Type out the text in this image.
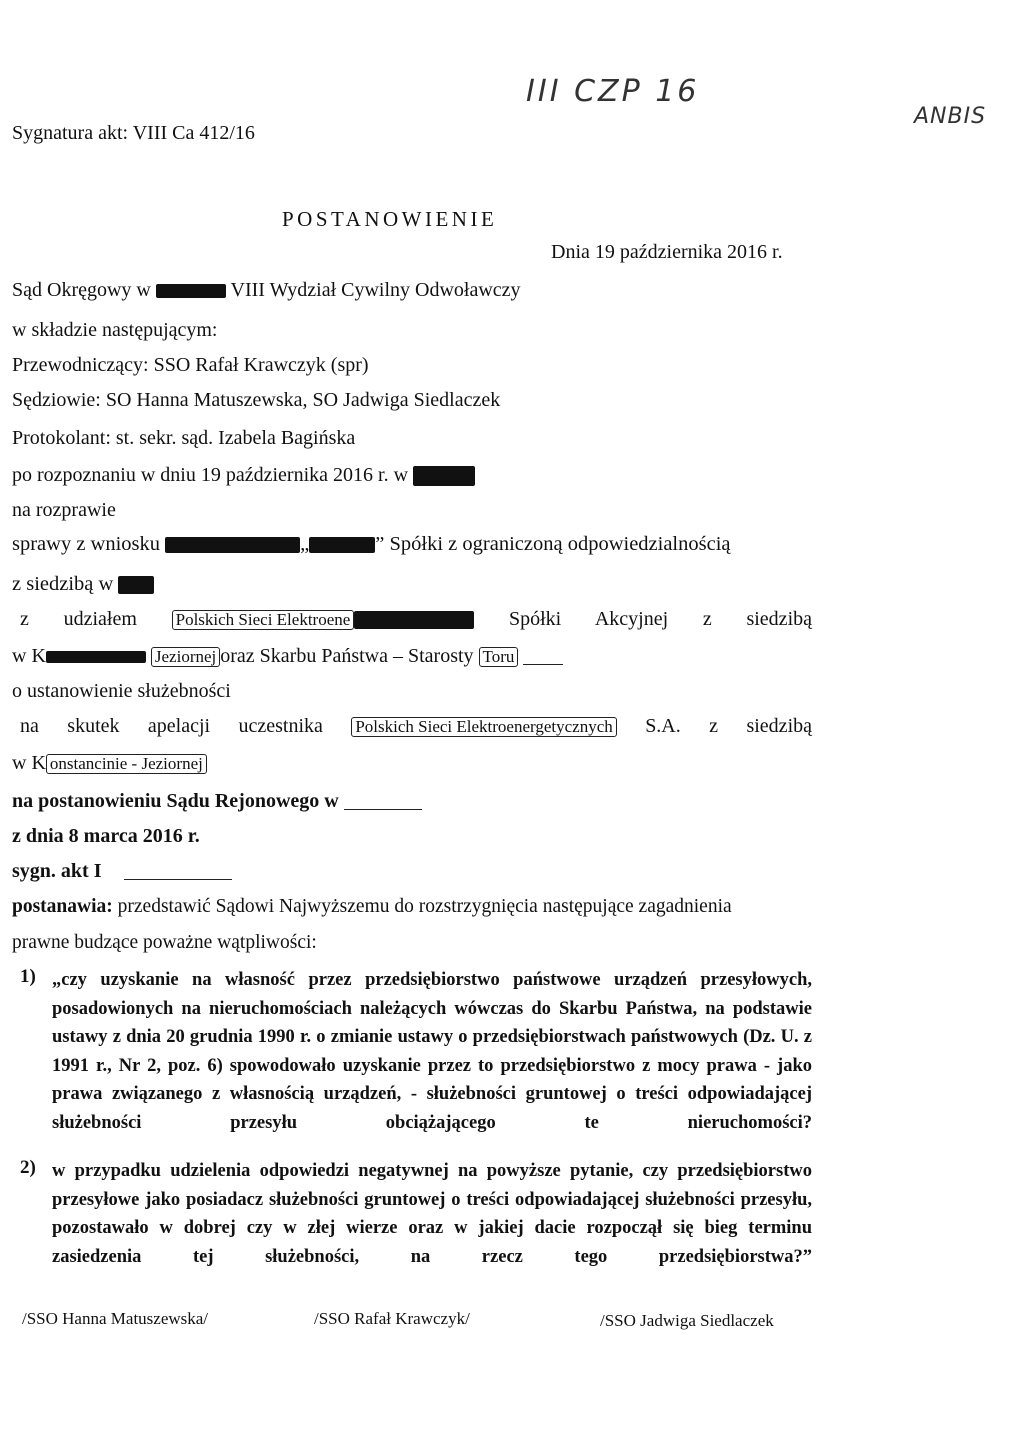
Sygnatura akt: VIII Ca 412/16
III CZP 16
ANBIS
POSTANOWIENIE
Dnia 19 października 2016 r.
Sąd Okręgowy w	VIII Wydział Cywilny Odwoławczy
w składzie następującym:
Przewodniczący: SSO Rafał Krawczyk (spr)
Sędziowie: SO Hanna Matuszewska, SO Jadwiga Siedlaczek
Protokolant: st. sekr. sąd. Izabela Bagińska
po rozpoznaniu w dniu 19 października 2016 r. w
na rozprawie
sprawy z wniosku	„	” Spółki z ograniczoną odpowiedzialnością
z siedzibą w
z udziałem Polskich Sieci Elektroene	Spółki Akcyjnej z siedzibą
w K	Jeziornej oraz Skarbu Państwa – Starosty Toru
o ustanowienie służebności
na skutek apelacji uczestnika Polskich Sieci Elektroenergetycznych S.A. z siedzibą
w K onstancinie - Jeziornej
na postanowieniu Sądu Rejonowego w
z dnia 8 marca 2016 r.
sygn. akt I
postanawia: przedstawić Sądowi Najwyższemu do rozstrzygnięcia następujące zagadnienia
prawne budzące poważne wątpliwości:
1) „czy uzyskanie na własność przez przedsiębiorstwo państwowe urządzeń przesyłowych, posadowionych na nieruchomościach należących wówczas do Skarbu Państwa, na podstawie ustawy z dnia 20 grudnia 1990 r. o zmianie ustawy o przedsiębiorstwach państwowych (Dz. U. z 1991 r., Nr 2, poz. 6) spowodowało uzyskanie przez to przedsiębiorstwo z mocy prawa - jako prawa związanego z własnością urządzeń, - służebności gruntowej o treści odpowiadającej służebności przesyłu obciążającego te nieruchomości?

2) w przypadku udzielenia odpowiedzi negatywnej na powyższe pytanie, czy przedsiębiorstwo przesyłowe jako posiadacz służebności gruntowej o treści odpowiadającej służebności przesyłu, pozostawało w dobrej czy w złej wierze oraz w jakiej dacie rozpoczął się bieg terminu zasiedzenia tej służebności, na rzecz tego przedsiębiorstwa?”

/SSO Hanna Matuszewska/	/SSO Rafał Krawczyk/	/SSO Jadwiga Siedlaczek
